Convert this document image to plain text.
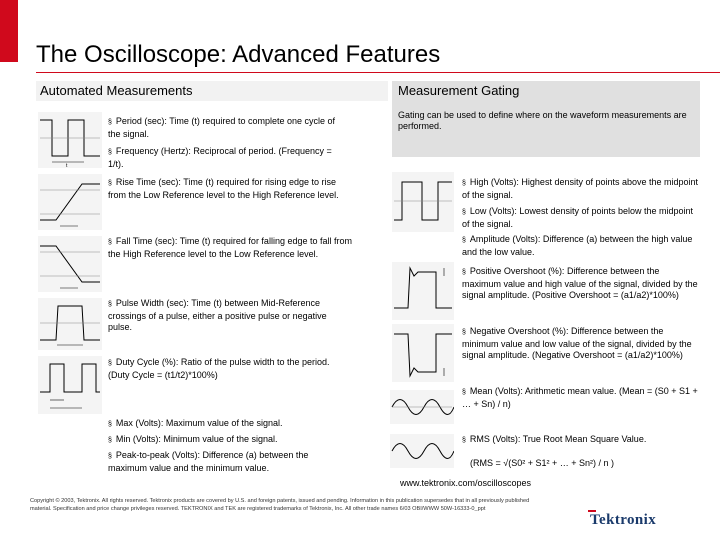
The Oscilloscope: Advanced Features
Automated Measurements	Measurement Gating
Gating can be used to define where on the waveform measurements are performed.
t
§ Period (sec): Time (t) required to complete one cycle of the signal.
§ Frequency (Hertz): Reciprocal of period. (Frequency = 1/t).
§ Rise Time (sec): Time (t) required for rising edge to rise from the Low Reference level to the High Reference level.
§ Fall Time (sec): Time (t) required for falling edge to fall from the High Reference level to the Low Reference level.
§ Pulse Width (sec): Time (t) between Mid-Reference crossings of a pulse, either a positive pulse or negative pulse.
§ Duty Cycle (%): Ratio of the pulse width to the period. (Duty Cycle = (t1/t2)*100%)
§ Max (Volts): Maximum value of the signal.
§ Min (Volts): Minimum value of the signal.
§ Peak-to-peak (Volts): Difference (a) between the maximum value and the minimum value.
§ High (Volts): Highest density of points above the midpoint of the signal.
§ Low (Volts): Lowest density of points below the midpoint of the signal.
§ Amplitude (Volts): Difference (a) between the high value and the low value.
§ Positive Overshoot (%): Difference between the maximum value and high value of the signal, divided by the signal amplitude. (Positive Overshoot = (a1/a2)*100%)
§ Negative Overshoot (%): Difference between the minimum value and low value of the signal, divided by the signal amplitude. (Negative Overshoot = (a1/a2)*100%)
§ Mean (Volts): Arithmetic mean value. (Mean = (S0 + S1 + … + Sn) / n)
§ RMS (Volts): True Root Mean Square Value.
(RMS = √(S0² + S1² + … + Sn²) / n )
www.tektronix.com/oscilloscopes
Copyright © 2003, Tektronix. All rights reserved. Tektronix products are covered by U.S. and foreign patents, issued and pending. Information in this publication supersedes that in all previously published material. Specification and price change privileges reserved. TEKTRONIX and TEK are registered trademarks of Tektronix, Inc. All other trade names 6/03 OBI/WWW 50W-16333-0_ppt
Tektronix
